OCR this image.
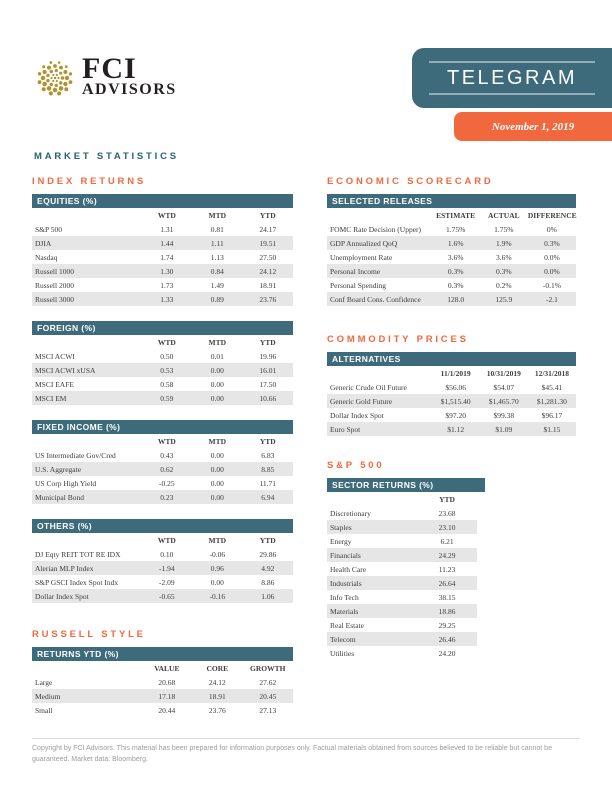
FCI
ADVISORS
TELEGRAM
November 1, 2019
MARKET STATISTICS
INDEX RETURNS
EQUITIES (%)
	WTD	MTD	YTD
S&P 500	1.31	0.81	24.17
DJIA	1.44	1.11	19.51
Nasdaq	1.74	1.13	27.50
Russell 1000	1.30	0.84	24.12
Russell 2000	1.73	1.49	18.91
Russell 3000	1.33	0.89	23.76
FOREIGN (%)
	WTD	MTD	YTD
MSCI ACWI	0.50	0.01	19.96
MSCI ACWI xUSA	0.53	0.00	16.01
MSCI EAFE	0.58	0.00	17.50
MSCI EM	0.59	0.00	10.66
FIXED INCOME (%)
	WTD	MTD	YTD
US Intermediate Gov/Cred	0.43	0.00	6.83
U.S. Aggregate	0.62	0.00	8.85
US Corp High Yield	-0.25	0.00	11.71
Municipal Bond	0.23	0.00	6.94
OTHERS (%)
	WTD	MTD	YTD
DJ Eqty REIT TOT RE IDX	0.10	-0.06	29.86
Alerian MLP Index	-1.94	0.96	4.92
S&P GSCI Index Spot Indx	-2.09	0.00	8.86
Dollar Index Spot	-0.65	-0.16	1.06
RUSSELL STYLE
RETURNS YTD (%)
	VALUE	CORE	GROWTH
Large	20.68	24.12	27.62
Medium	17.18	18.91	20.45
Small	20.44	23.76	27.13
ECONOMIC SCORECARD
SELECTED RELEASES
	ESTIMATE	ACTUAL	DIFFERENCE
FOMC Rate Decision (Upper)	1.75%	1.75%	0%
GDP Annualized QoQ	1.6%	1.9%	0.3%
Unemployment Rate	3.6%	3.6%	0.0%
Personal Income	0.3%	0.3%	0.0%
Personal Spending	0.3%	0.2%	-0.1%
Conf Board Cons. Confidence	128.0	125.9	-2.1
COMMODITY PRICES
ALTERNATIVES
	11/1/2019	10/31/2019	12/31/2018
Generic Crude Oil Future	$56.06	$54.07	$45.41
Generic Gold Future	$1,515.40	$1,465.70	$1,281.30
Dollar Index Spot	$97.20	$99.38	$96.17
Euro Spot	$1.12	$1.09	$1.15
S&P 500
SECTOR RETURNS (%)
	YTD
Discretionary	23.68
Staples	23.10
Energy	6.21
Financials	24.29
Health Care	11.23
Industrials	26.64
Info Tech	38.15
Materials	18.86
Real Estate	29.25
Telecom	26.46
Utilities	24.20
Copyright by FCI Advisors. This material has been prepared for information purposes only. Factual materials obtained from sources believed to be reliable but cannot be guaranteed. Market data: Bloomberg.
